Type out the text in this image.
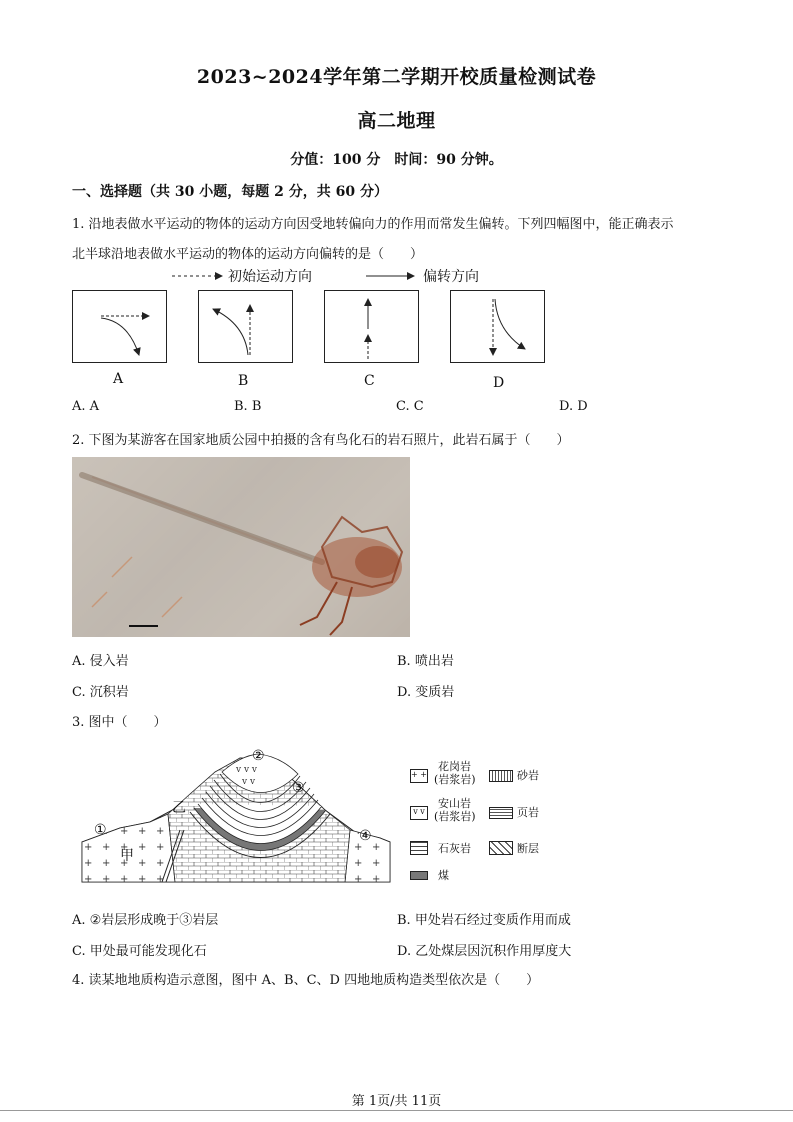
2023~2024学年第二学期开校质量检测试卷
高二地理
分值：100 分　时间：90 分钟。
一、选择题（共 30 小题，每题 2 分，共 60 分）
1. 沿地表做水平运动的物体的运动方向因受地转偏向力的作用而常发生偏转。下列四幅图中，能正确表示
北半球沿地表做水平运动的物体的运动方向偏转的是（　　）
初始运动方向	偏转方向
A	B	C	D
A. A	B. B	C. C	D. D
2. 下图为某游客在国家地质公园中拍摄的含有鸟化石的岩石照片，此岩石属于（　　）
A. 侵入岩	B. 喷出岩
C. 沉积岩	D. 变质岩
3. 图中（　　）
v v v
v v
②
③
①	④
甲
乙
+ +
花岗岩
(岩浆岩)
v v
安山岩
(岩浆岩)
石灰岩
煤
砂岩
页岩
断层
A. ②岩层形成晚于③岩层	B. 甲处岩石经过变质作用而成
C. 甲处最可能发现化石	D. 乙处煤层因沉积作用厚度大
4. 读某地地质构造示意图，图中 A、B、C、D 四地地质构造类型依次是（　　）
第 1页/共 11页
